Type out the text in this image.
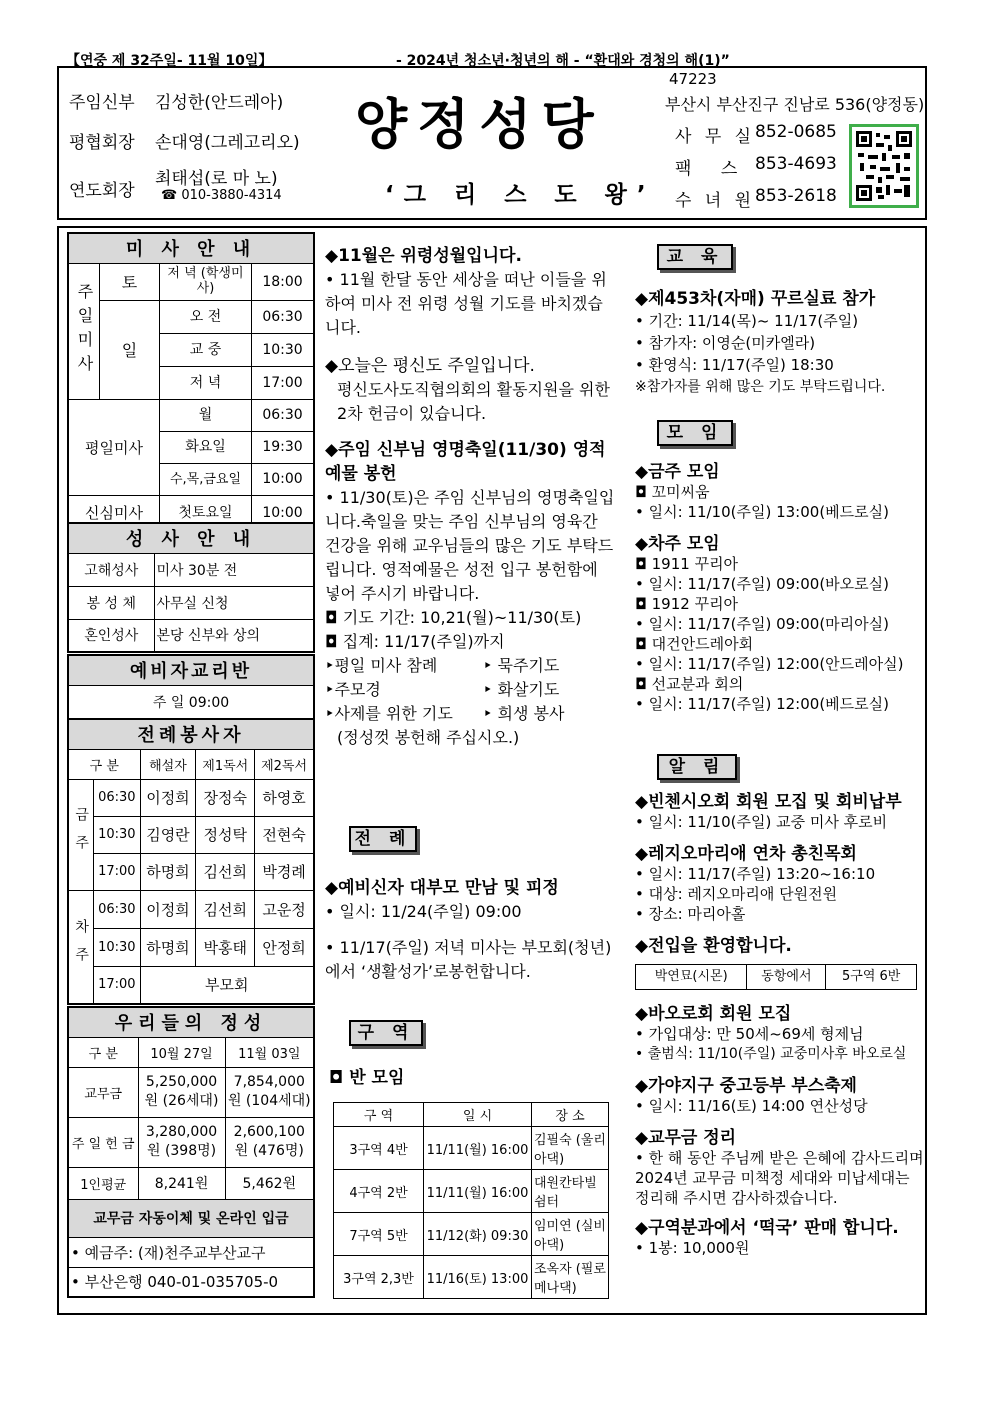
【연중 제 32주일- 11월 10일】	- 2024년 청소년·청년의 해 - “환대와 경청의 해(1)”
주임신부 김성한(안드레아)
평협회장 손대영(그레고리오)
연도회장
최태섭(로 마 노)
☎ 010-3880-4314
양정성당
‘그 리 스 도 왕’
47223
부산시 부산진구 진남로 536(양정동)
사 무 실 852-0685
팩 스 853-4693
수 녀 원 853-2618
미 사 안 내		
주일미사	토	저 녁 (학생미사) 18:00

	일	오 전 06:30

		교 중 10:30

		저 녁 17:00

평일미사		월 06:30

		화요일 19:30

		수,목,금요일 10:00

신심미사		첫토요일 10:00
성 사 안 내	
고해성사	미사 30분 전
봉 성 체	사무실 신청
혼인성사	본당 신부와 상의
예비자교리반
주 일 09:00
전례봉사자				
구 분		해설자	제1독서	제2독서
금주	06:30	이정희	장정숙	하영호
	10:30	김영란	정성탁	전현숙
	17:00	하명희	김선희	박경례
차주	06:30	이정희	김선희	고운정
	10:30	하명희	박홍태	안정희
	17:00	부모회		
우리들의 정성		
구 분	10월 27일	11월 03일
교무금	5,250,000원 (26세대)	7,854,000원 (104세대)
주 일 헌 금	3,280,000원 (398명)	2,600,100원 (476명)
1인평균	8,241원	5,462원
교무금 자동이체 및 온라인 입금		
• 예금주: (재)천주교부산교구		
• 부산은행 040-01-035705-0		
◆11월은 위령성월입니다.
• 11월 한달 동안 세상을 떠난 이들을 위하여 미사 전 위령 성월 기도를 바치겠습니다.
◆오늘은 평신도 주일입니다.
평신도사도직협의회의 활동지원을 위한 2차 헌금이 있습니다.
◆주임 신부님 영명축일(11/30) 영적예물 봉헌
• 11/30(토)은 주임 신부님의 영명축일입니다.축일을 맞는 주임 신부님의 영육간 건강을 위해 교우님들의 많은 기도 부탁드립니다. 영적예물은 성전 입구 봉헌함에 넣어 주시기 바랍니다.
◘ 기도 기간: 10,21(월)~11/30(토)
◘ 집계: 11/17(주일)까지
‣평일 미사 참례	‣ 묵주기도
‣주모경	‣ 화살기도
‣사제를 위한 기도	‣ 희생 봉사
(정성껏 봉헌해 주십시오.)
전 례
◆예비신자 대부모 만남 및 피정
• 일시: 11/24(주일) 09:00
• 11/17(주일) 저녁 미사는 부모회(청년)에서 ‘생활성가’로봉헌합니다.
구 역
◘ 반 모임
구 역	일 시	장 소
3구역 4반	11/11(월) 16:00	김필숙 (울리아댁)
4구역 2반	11/11(월) 16:00	대원칸타빌 쉼터
7구역 5반	11/12(화) 09:30	임미연 (실비아댁)
3구역 2,3반	11/16(토) 13:00	조옥자 (필로메나댁)
교 육
◆제453차(자매) 꾸르실료 참가
• 기간: 11/14(목)~ 11/17(주일)
• 참가자: 이영순(미카엘라)
• 환영식: 11/17(주일) 18:30
※참가자를 위해 많은 기도 부탁드립니다.
모 임
◆금주 모임
◘ 꼬미씨움
• 일시: 11/10(주일) 13:00(베드로실)
◆차주 모임
◘ 1911 꾸리아
• 일시: 11/17(주일) 09:00(바오로실)
◘ 1912 꾸리아
• 일시: 11/17(주일) 09:00(마리아실)
◘ 대건안드레아회
• 일시: 11/17(주일) 12:00(안드레아실)
◘ 선교분과 회의
• 일시: 11/17(주일) 12:00(베드로실)
알 림
◆빈첸시오회 회원 모집 및 회비납부
• 일시: 11/10(주일) 교중 미사 후로비
◆레지오마리애 연차 총친목회
• 일시: 11/17(주일) 13:20~16:10
• 대상: 레지오마리애 단원전원
• 장소: 마리아홀
◆전입을 환영합니다.
박연묘(시몬)	동항에서	5구역 6반
◆바오로회 회원 모집
• 가입대상: 만 50세~69세 형제님
• 출범식: 11/10(주일) 교중미사후 바오로실
◆가야지구 중고등부 부스축제
• 일시: 11/16(토) 14:00 연산성당
◆교무금 정리
• 한 해 동안 주님께 받은 은혜에 감사드리며 2024년 교무금 미책정 세대와 미납세대는 정리해 주시면 감사하겠습니다.
◆구역분과에서 ‘떡국’ 판매 합니다.
• 1봉: 10,000원
